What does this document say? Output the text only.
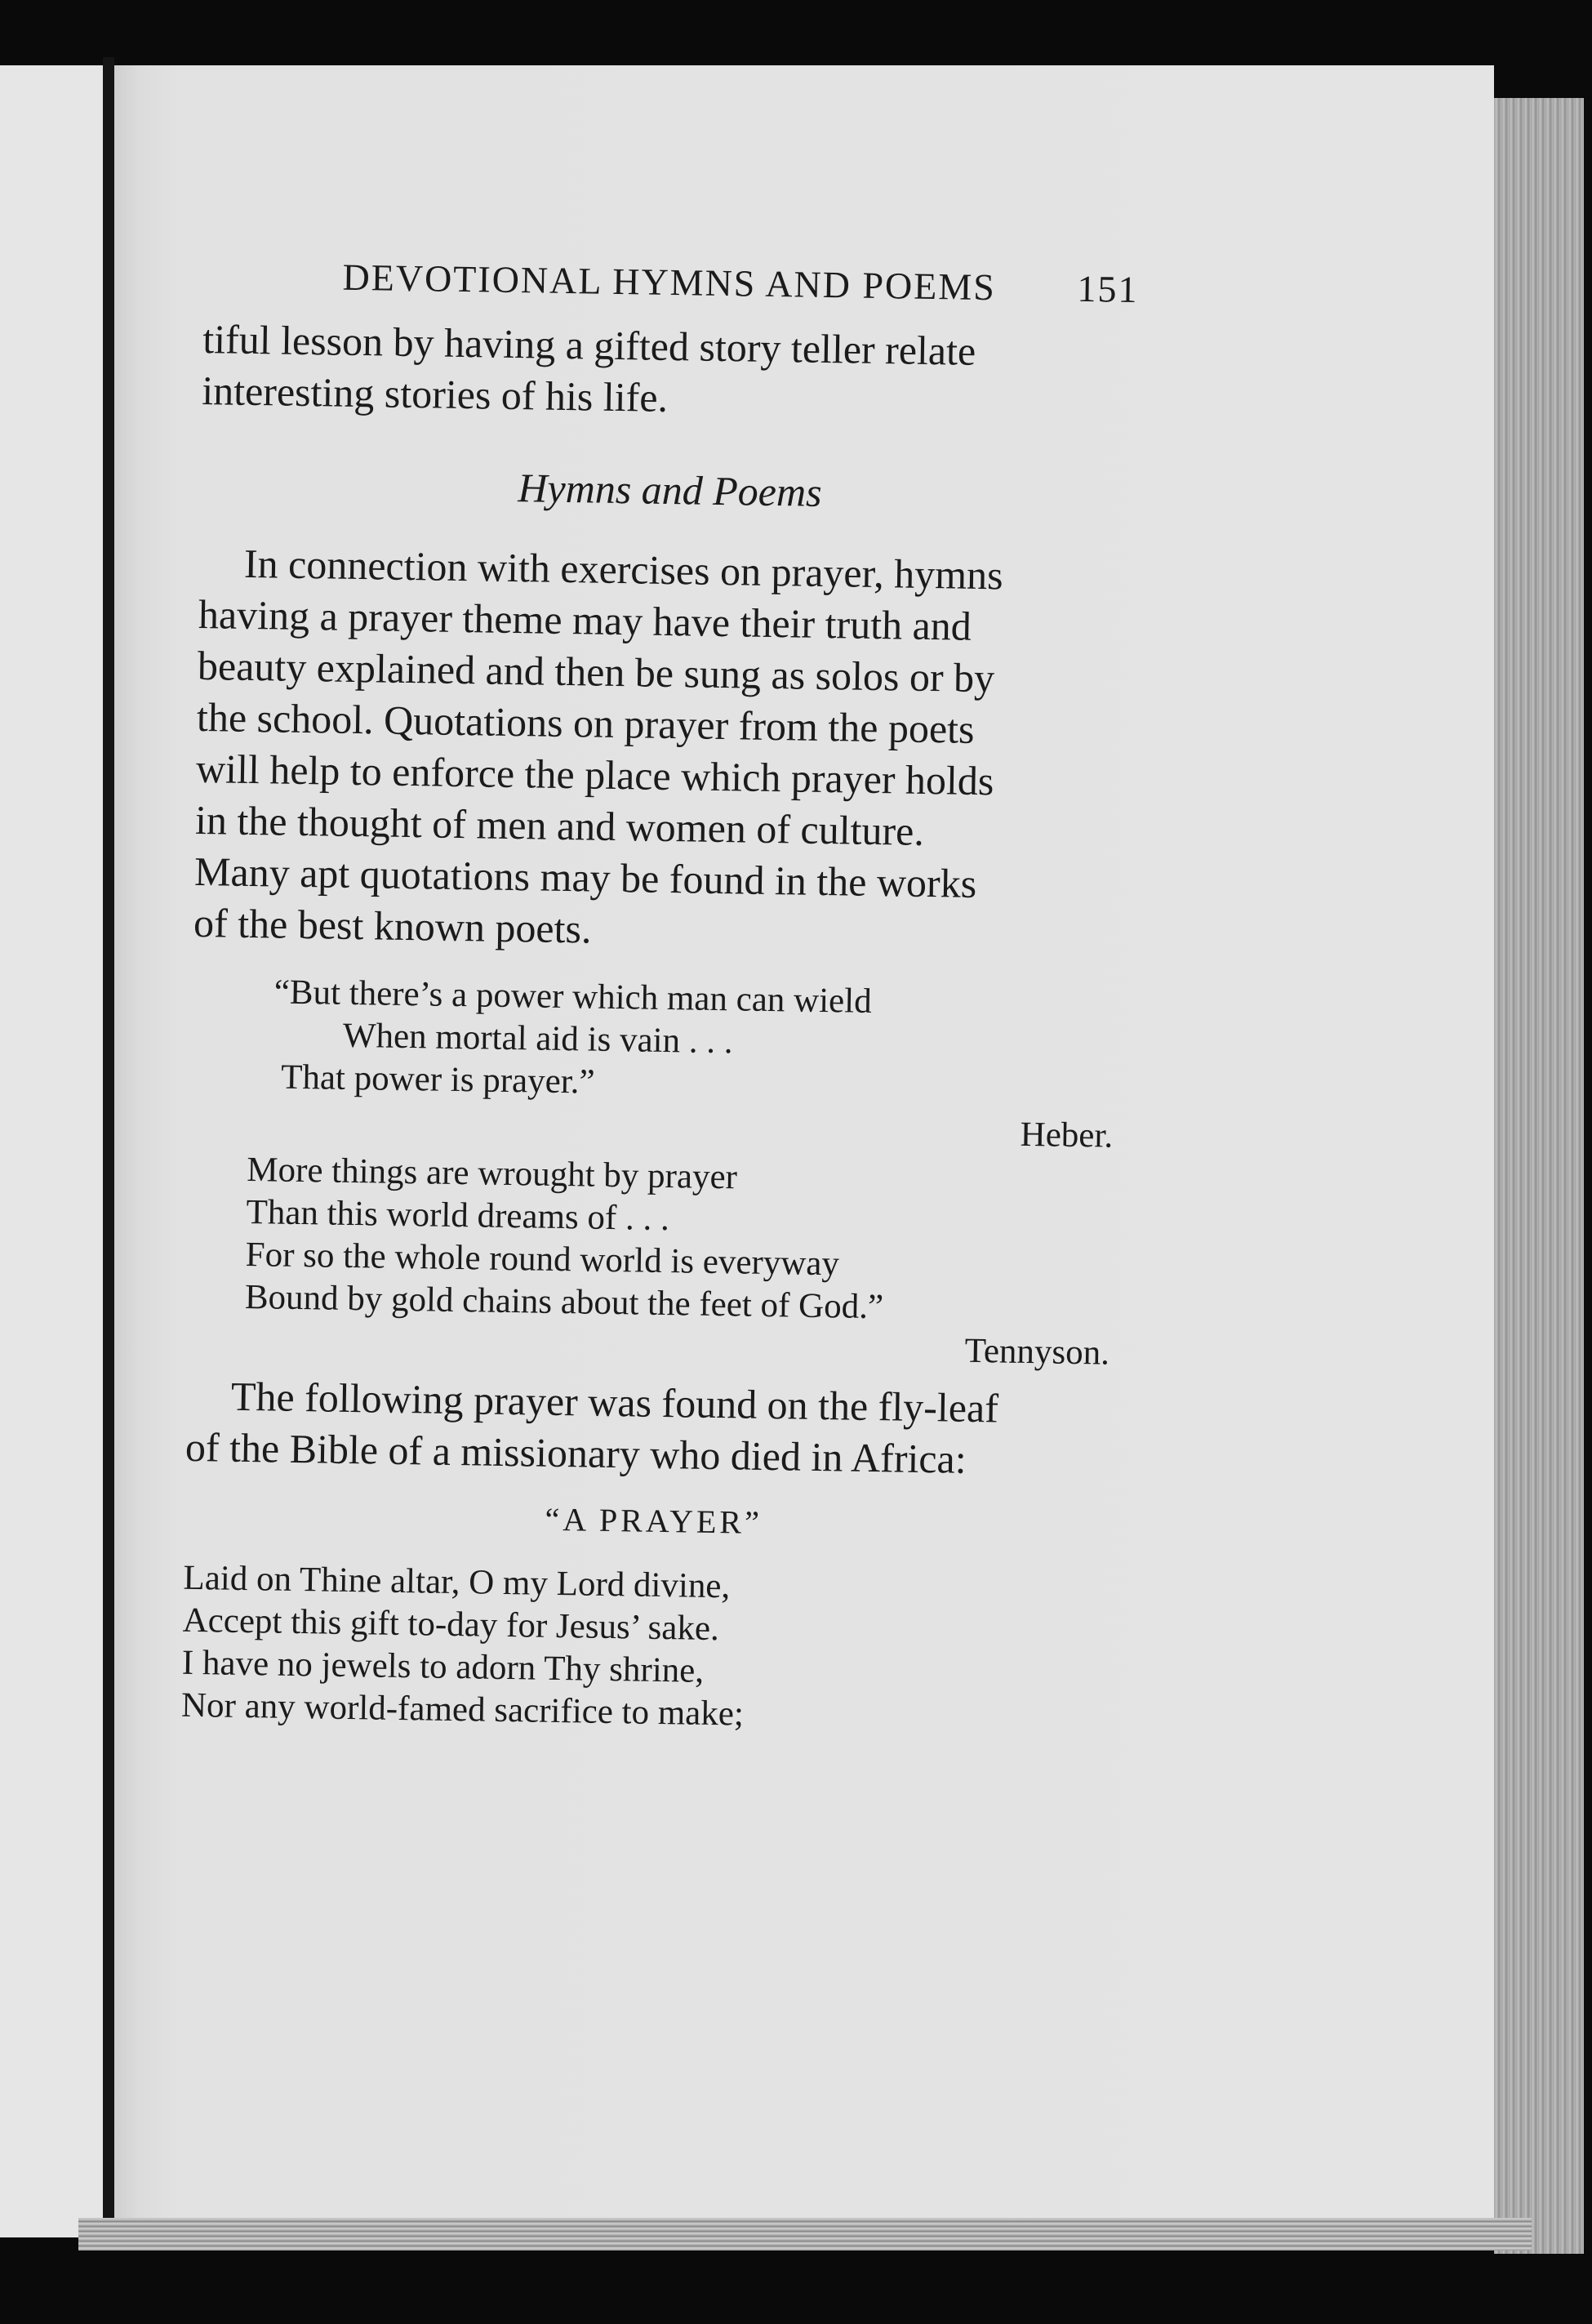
DEVOTIONAL HYMNS AND POEMS 151
tiful lesson by having a gifted story teller relate
interesting stories of his life.
Hymns and Poems
In connection with exercises on prayer, hymns
having a prayer theme may have their truth and
beauty explained and then be sung as solos or by
the school. Quotations on prayer from the poets
will help to enforce the place which prayer holds
in the thought of men and women of culture.
Many apt quotations may be found in the works
of the best known poets.
“But there’s a power which man can wield
When mortal aid is vain . . .
That power is prayer.”
Heber.
More things are wrought by prayer
Than this world dreams of . . .
For so the whole round world is everyway
Bound by gold chains about the feet of God.”
Tennyson.
The following prayer was found on the fly-leaf
of the Bible of a missionary who died in Africa:
“A PRAYER”
Laid on Thine altar, O my Lord divine,
Accept this gift to-day for Jesus’ sake.
I have no jewels to adorn Thy shrine,
Nor any world-famed sacrifice to make;
